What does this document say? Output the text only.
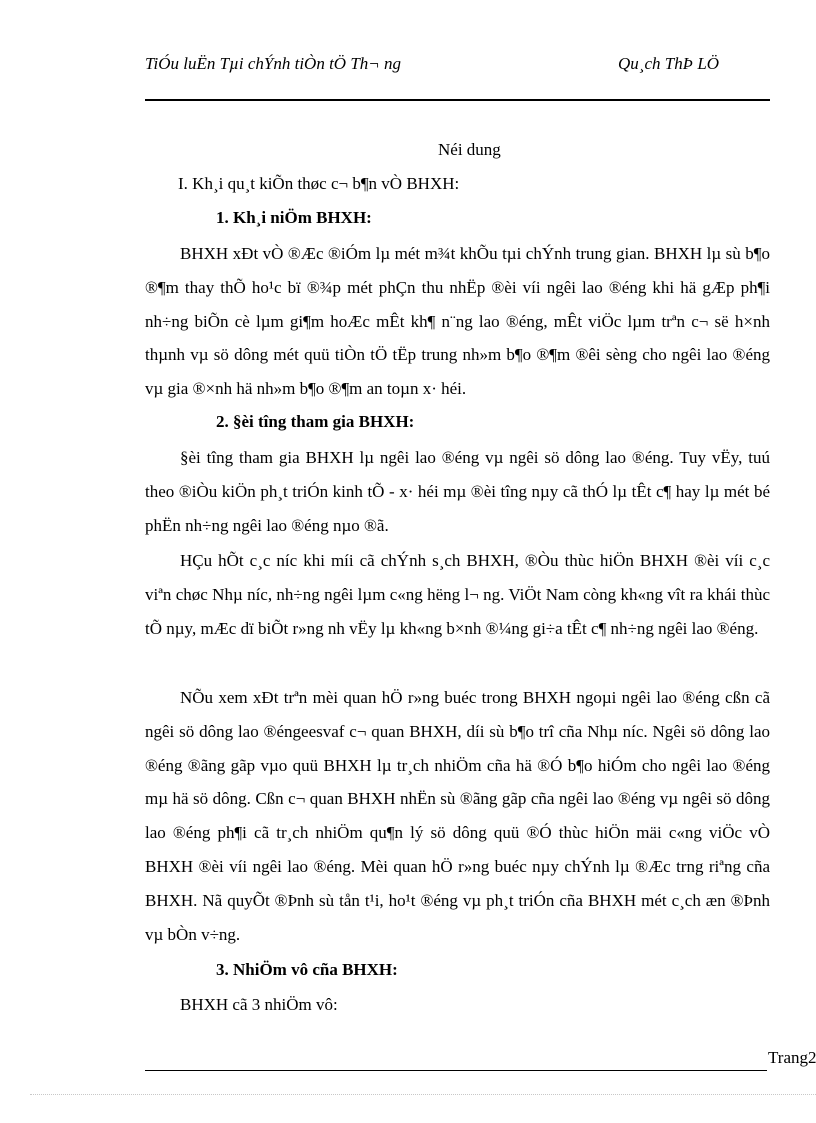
TiÓu luËn Tµi chÝnh tiÒn tÖ Th¬ ng	Qu¸ch ThÞ LÖ
Néi dung
I. Kh¸i qu¸t kiÕn thøc c¬ b¶n vÒ BHXH:
1. Kh¸i niÖm BHXH:
BHXH xÐt vÒ ®Æc ®iÓm lµ mét m¾t khÕu tµi chÝnh trung gian. BHXH lµ sù b¶o ®¶m thay thÕ ho¹c bï ®¾p mét phÇn thu nhËp ®èi víi ngêi lao ®éng khi hä gÆp ph¶i nh÷ng biÕn cè lµm gi¶m hoÆc mÊt kh¶ n¨ng lao ®éng, mÊt viÖc lµm trªn c¬ së h×nh thµnh vµ sö dông mét quü tiÒn tÖ tËp trung nh»m b¶o ®¶m ®êi sèng cho ngêi lao ®éng vµ gia ®×nh hä nh»m b¶o ®¶m an toµn x· héi.
2. §èi tîng tham gia BHXH:
§èi tîng tham gia BHXH lµ ngêi lao ®éng vµ ngêi sö dông lao ®éng. Tuy vËy, tuú theo ®iÒu kiÖn ph¸t triÓn kinh tÕ - x· héi mµ ®èi tîng nµy cã thÓ lµ tÊt c¶ hay lµ mét bé phËn nh÷ng ngêi lao ®éng nµo ®ã.
HÇu hÕt c¸c níc khi míi cã chÝnh s¸ch BHXH, ®Òu thùc hiÖn BHXH ®èi víi c¸c viªn chøc Nhµ níc, nh÷ng ngêi lµm c«ng hëng l¬ ng. ViÖt Nam còng kh«ng vît ra khái thùc tÕ nµy, mÆc dï biÕt r»ng nh vËy lµ kh«ng b×nh ®¼ng gi÷a tÊt c¶ nh÷ng ngêi lao ®éng.
NÕu xem xÐt trªn mèi quan hÖ r»ng buéc trong BHXH ngoµi ngêi lao ®éng cßn cã ngêi sö dông lao ®éngeesvaf c¬ quan BHXH, díi sù b¶o trî cña Nhµ níc. Ngêi sö dông lao ®éng ®ãng gãp vµo quü BHXH lµ tr¸ch nhiÖm cña hä ®Ó b¶o hiÓm cho ngêi lao ®éng mµ hä sö dông. Cßn c¬ quan BHXH nhËn sù ®ãng gãp cña ngêi lao ®éng vµ ngêi sö dông lao ®éng ph¶i cã tr¸ch nhiÖm qu¶n lý sö dông quü ®Ó thùc hiÖn mäi c«ng viÖc vÒ BHXH ®èi víi ngêi lao ®éng. Mèi quan hÖ r»ng buéc nµy chÝnh lµ ®Æc trng riªng cña BHXH. Nã quyÕt ®Þnh sù tån t¹i, ho¹t ®éng vµ ph¸t triÓn cña BHXH mét c¸ch æn ®Þnh vµ bÒn v÷ng.
3. NhiÖm vô cña BHXH:
BHXH cã 3 nhiÖm vô:
Trang2
